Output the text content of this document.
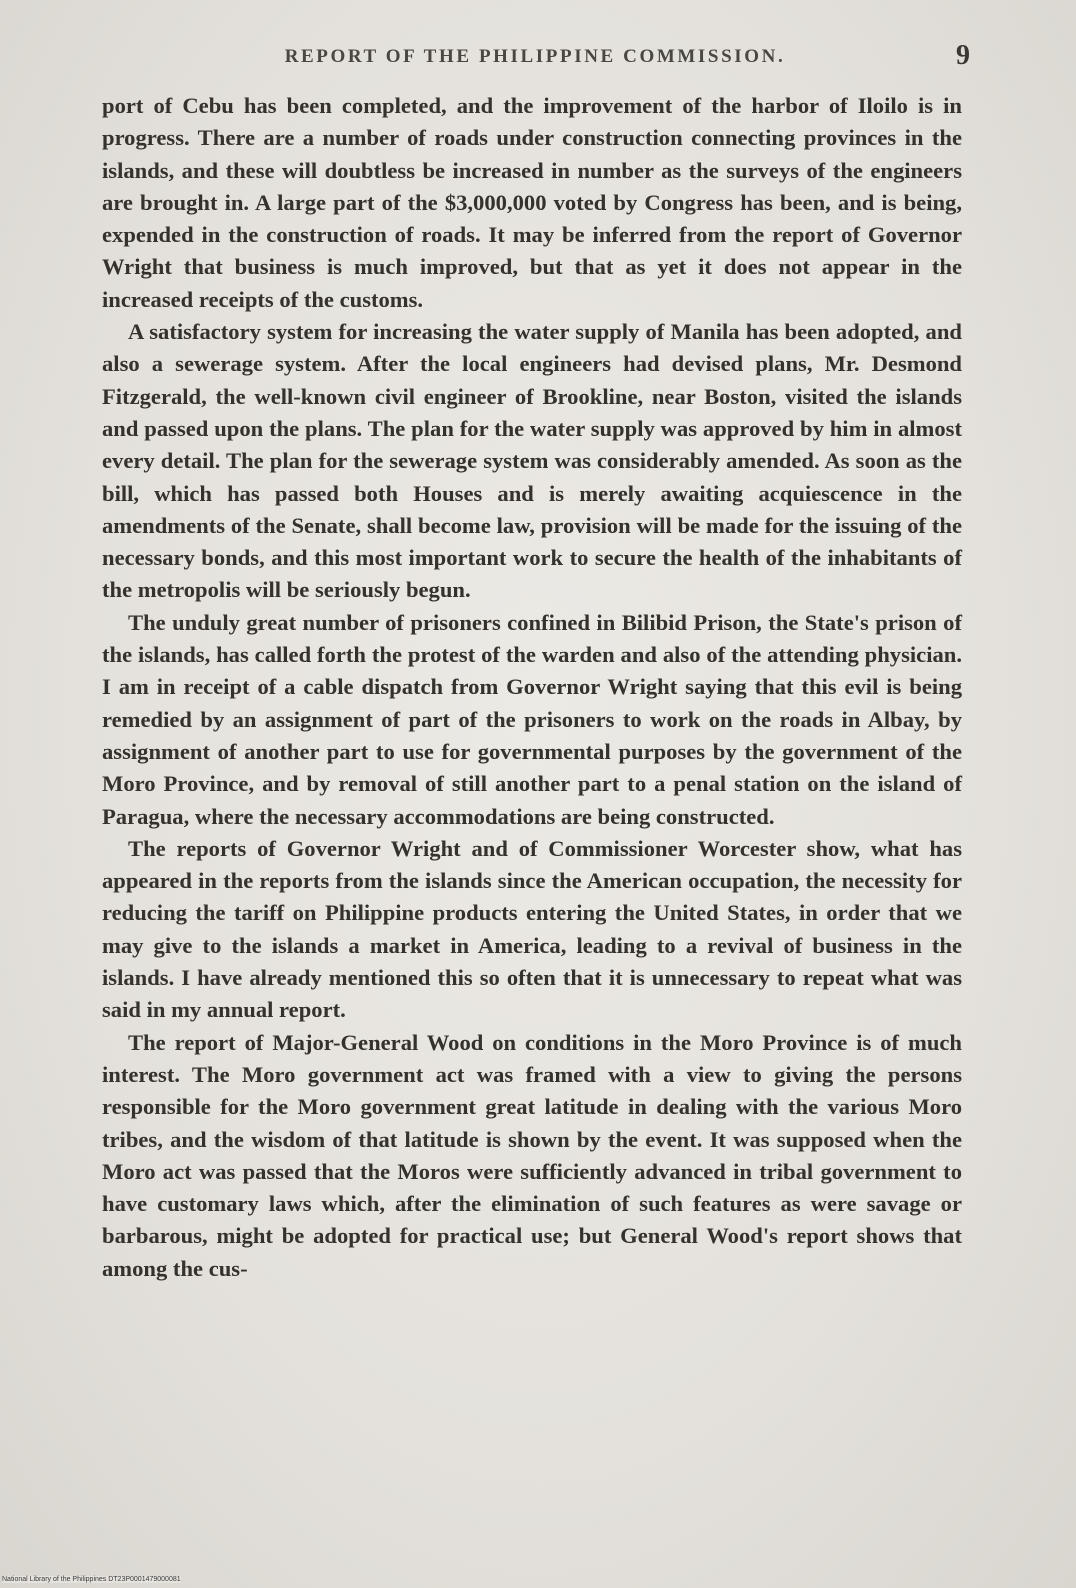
REPORT OF THE PHILIPPINE COMMISSION.	9

port of Cebu has been completed, and the improvement of the harbor of Iloilo is in progress. There are a number of roads under construction connecting provinces in the islands, and these will doubtless be increased in number as the surveys of the engineers are brought in. A large part of the $3,000,000 voted by Congress has been, and is being, expended in the construction of roads. It may be inferred from the report of Governor Wright that business is much improved, but that as yet it does not appear in the increased receipts of the customs.

A satisfactory system for increasing the water supply of Manila has been adopted, and also a sewerage system. After the local engineers had devised plans, Mr. Desmond Fitzgerald, the well-known civil engineer of Brookline, near Boston, visited the islands and passed upon the plans. The plan for the water supply was approved by him in almost every detail. The plan for the sewerage system was considerably amended. As soon as the bill, which has passed both Houses and is merely awaiting acquiescence in the amendments of the Senate, shall become law, provision will be made for the issuing of the necessary bonds, and this most important work to secure the health of the inhabitants of the metropolis will be seriously begun.

The unduly great number of prisoners confined in Bilibid Prison, the State's prison of the islands, has called forth the protest of the warden and also of the attending physician. I am in receipt of a cable dispatch from Governor Wright saying that this evil is being remedied by an assignment of part of the prisoners to work on the roads in Albay, by assignment of another part to use for governmental purposes by the government of the Moro Province, and by removal of still another part to a penal station on the island of Paragua, where the necessary accommodations are being constructed.

The reports of Governor Wright and of Commissioner Worcester show, what has appeared in the reports from the islands since the American occupation, the necessity for reducing the tariff on Philippine products entering the United States, in order that we may give to the islands a market in America, leading to a revival of business in the islands. I have already mentioned this so often that it is unnecessary to repeat what was said in my annual report.

The report of Major-General Wood on conditions in the Moro Province is of much interest. The Moro government act was framed with a view to giving the persons responsible for the Moro government great latitude in dealing with the various Moro tribes, and the wisdom of that latitude is shown by the event. It was supposed when the Moro act was passed that the Moros were sufficiently advanced in tribal government to have customary laws which, after the elimination of such features as were savage or barbarous, might be adopted for practical use; but General Wood's report shows that among the cus-

National Library of the Philippines DT23P0001479000081
